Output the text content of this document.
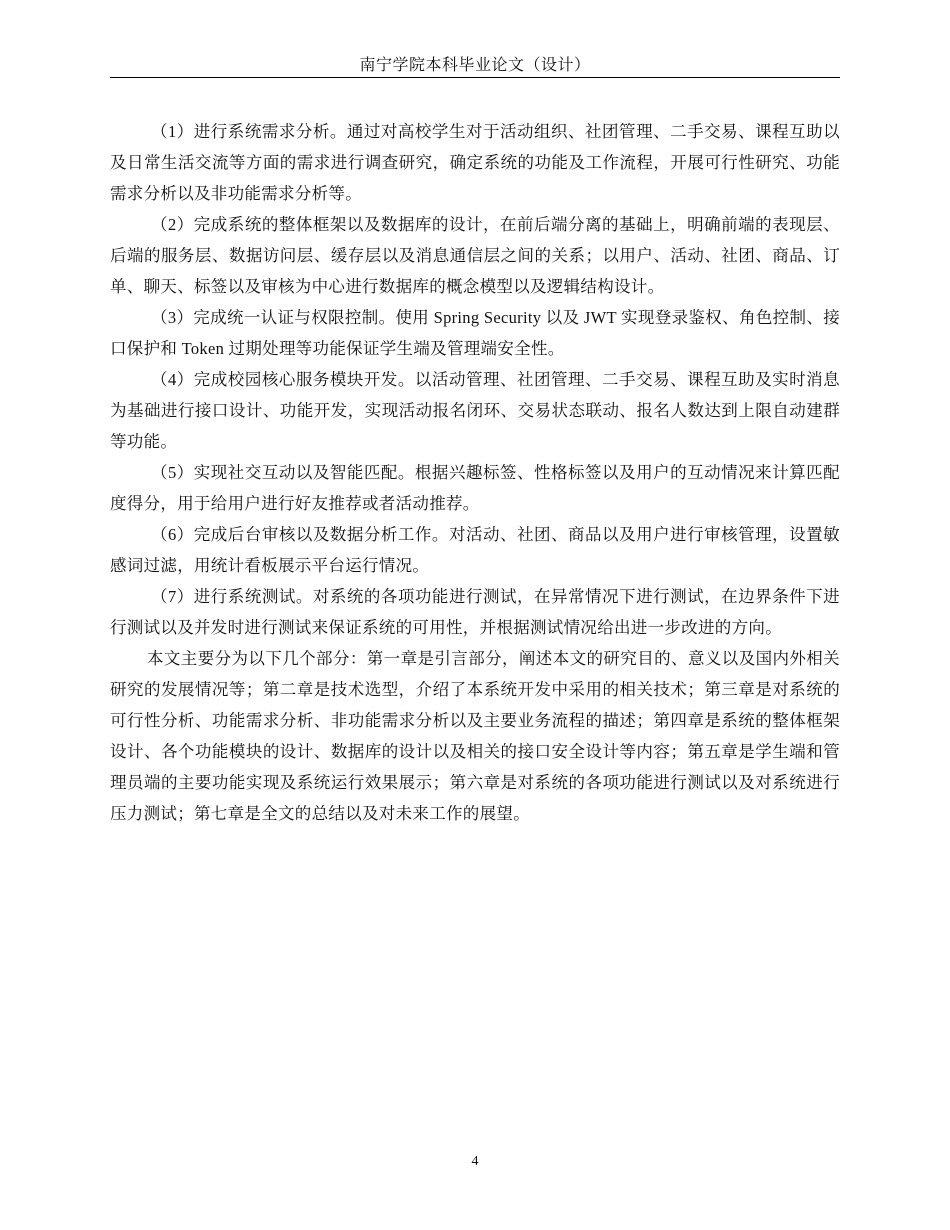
南宁学院本科毕业论文（设计）

（1）进行系统需求分析。通过对高校学生对于活动组织、社团管理、二手交易、课程互助以及日常生活交流等方面的需求进行调查研究，确定系统的功能及工作流程，开展可行性研究、功能需求分析以及非功能需求分析等。

（2）完成系统的整体框架以及数据库的设计，在前后端分离的基础上，明确前端的表现层、后端的服务层、数据访问层、缓存层以及消息通信层之间的关系；以用户、活动、社团、商品、订单、聊天、标签以及审核为中心进行数据库的概念模型以及逻辑结构设计。

（3）完成统一认证与权限控制。使用 Spring Security 以及 JWT 实现登录鉴权、角色控制、接口保护和 Token 过期处理等功能保证学生端及管理端安全性。

（4）完成校园核心服务模块开发。以活动管理、社团管理、二手交易、课程互助及实时消息为基础进行接口设计、功能开发，实现活动报名闭环、交易状态联动、报名人数达到上限自动建群等功能。

（5）实现社交互动以及智能匹配。根据兴趣标签、性格标签以及用户的互动情况来计算匹配度得分，用于给用户进行好友推荐或者活动推荐。

（6）完成后台审核以及数据分析工作。对活动、社团、商品以及用户进行审核管理，设置敏感词过滤，用统计看板展示平台运行情况。

（7）进行系统测试。对系统的各项功能进行测试，在异常情况下进行测试，在边界条件下进行测试以及并发时进行测试来保证系统的可用性，并根据测试情况给出进一步改进的方向。

本文主要分为以下几个部分：第一章是引言部分，阐述本文的研究目的、意义以及国内外相关研究的发展情况等；第二章是技术选型，介绍了本系统开发中采用的相关技术；第三章是对系统的可行性分析、功能需求分析、非功能需求分析以及主要业务流程的描述；第四章是系统的整体框架设计、各个功能模块的设计、数据库的设计以及相关的接口安全设计等内容；第五章是学生端和管理员端的主要功能实现及系统运行效果展示；第六章是对系统的各项功能进行测试以及对系统进行压力测试；第七章是全文的总结以及对未来工作的展望。

4
